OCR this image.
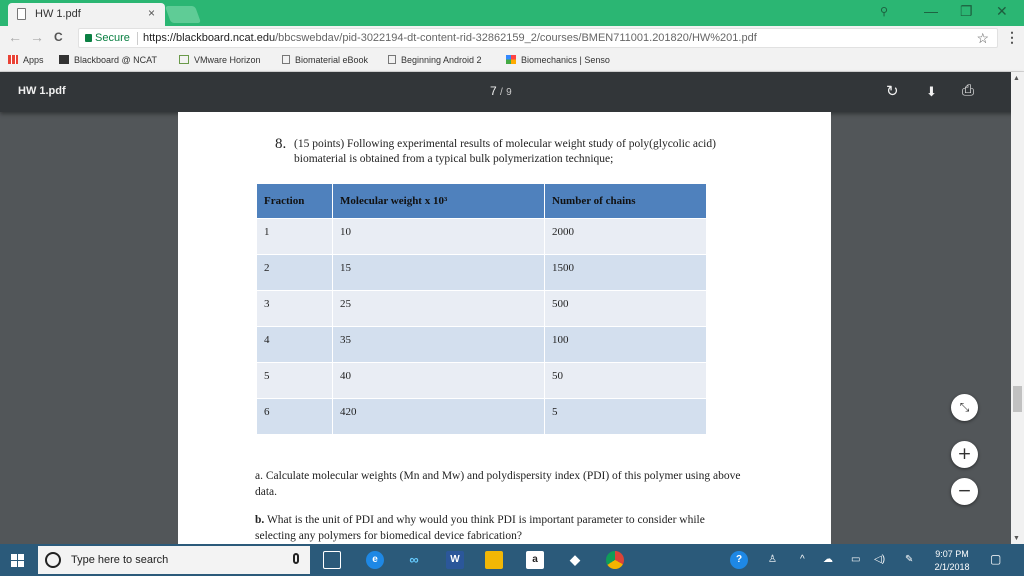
HW 1.pdf	×	⚲	— ❐ ✕
← → C	Secure https://blackboard.ncat.edu/bbcswebdav/pid-3022194-dt-content-rid-32862159_2/courses/BMEN711001.201820/HW%201.pdf	☆ ⋮
Apps	Blackboard @ NCAT	VMware Horizon	Biomaterial eBook	Beginning Android 2	Biomechanics | Senso
HW 1.pdf	7 / 9	↻ ⬇ ⎙
8. (15 points) Following experimental results of molecular weight study of poly(glycolic acid) biomaterial is obtained from a typical bulk polymerization technique;

Fraction	Molecular weight x 10³	Number of chains
1	10	2000
2	15	1500
3	25	500
4	35	100
5	40	50
6	420	5

a. Calculate molecular weights (Mn and Mw) and polydispersity index (PDI) of this polymer using above data.

b. What is the unit of PDI and why would you think PDI is important parameter to consider while selecting any polymers for biomedical device fabrication?

▲
▼
⤡
+
−
Type here to search	e	∞	W	a	◆	?	♙ ^ ☁ ▭ ◁) ✎	9:07 PM
2/1/2018
▢
